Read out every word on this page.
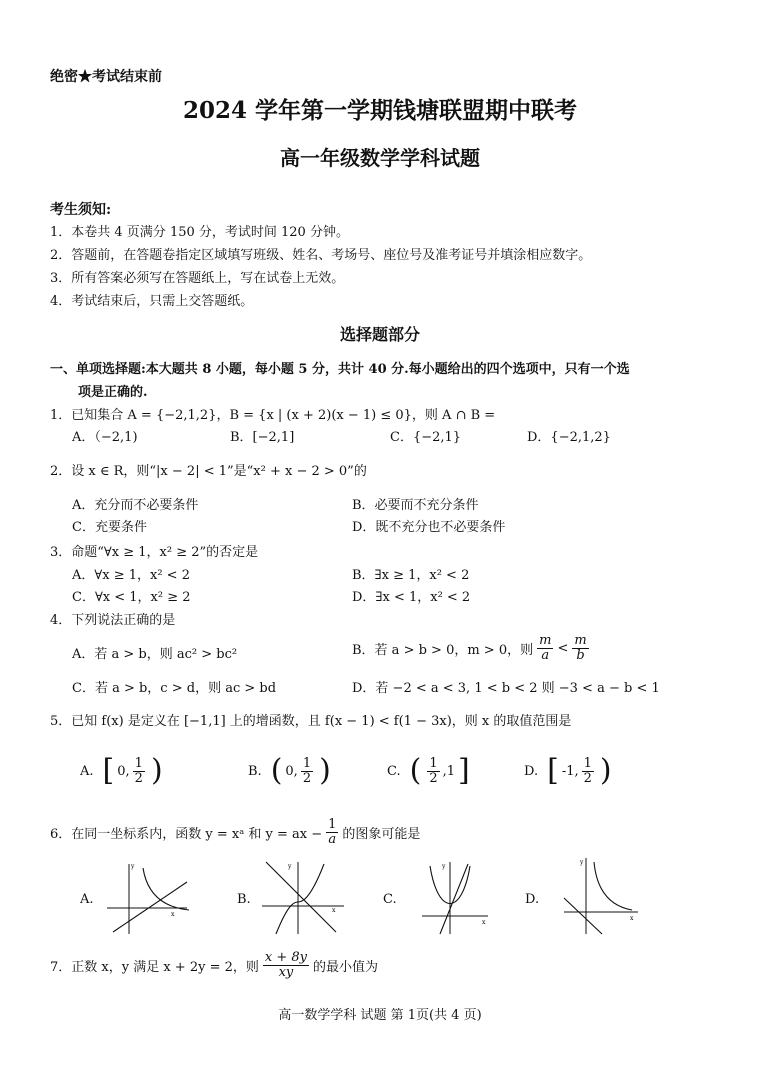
绝密★考试结束前
2024 学年第一学期钱塘联盟期中联考
高一年级数学学科试题
考生须知:
1．本卷共 4 页满分 150 分，考试时间 120 分钟。
2．答题前，在答题卷指定区域填写班级、姓名、考场号、座位号及准考证号并填涂相应数字。
3．所有答案必须写在答题纸上，写在试卷上无效。
4．考试结束后，只需上交答题纸。
选择题部分
一、单项选择题:本大题共 8 小题，每小题 5 分，共计 40 分.每小题给出的四个选项中，只有一个选
项是正确的.
1．已知集合 A = {−2,1,2}，B = {x | (x + 2)(x − 1) ≤ 0}，则 A ∩ B =
A．（−2,1)	B．[−2,1]	C．{−2,1}	D．{−2,1,2}
2．设 x ∈ R，则“|x − 2| < 1”是“x² + x − 2 > 0”的
A．充分而不必要条件	B．必要而不充分条件
C．充要条件	D．既不充分也不必要条件
3．命题“∀x ≥ 1，x² ≥ 2”的否定是
A．∀x ≥ 1，x² < 2	B．∃x ≥ 1，x² < 2
C．∀x < 1，x² ≥ 2	D．∃x < 1，x² < 2
4．下列说法正确的是
A．若 a > b，则 ac² > bc²	B．若 a > b > 0，m > 0，则 $\frac{m}{a} < \frac{m}{b}$
C．若 a > b，c > d，则 ac > bd	D．若 −2 < a < 3, 1 < b < 2 则 −3 < a − b < 1
5．已知 f(x) 是定义在 [−1,1] 上的增函数，且 f(x − 1) < f(1 − 3x)，则 x 的取值范围是
A. [ 0, $\frac{1}{2}$ )	B. ( 0, $\frac{1}{2}$ )	C. ( $\frac{1}{2} ,1$ ]	D. [ -1, $\frac{1}{2}$ )
6．在同一坐标系内，函数 y = xᵃ 和 y = ax − $\frac{1}{a}$ 的图象可能是
A.
y
x
B.
y
x
C.
y
x
D.
y
x
7．正数 x，y 满足 x + 2y = 2，则 $\frac{x + 8y}{xy}$ 的最小值为
高一数学学科 试题 第 1页(共 4 页)
